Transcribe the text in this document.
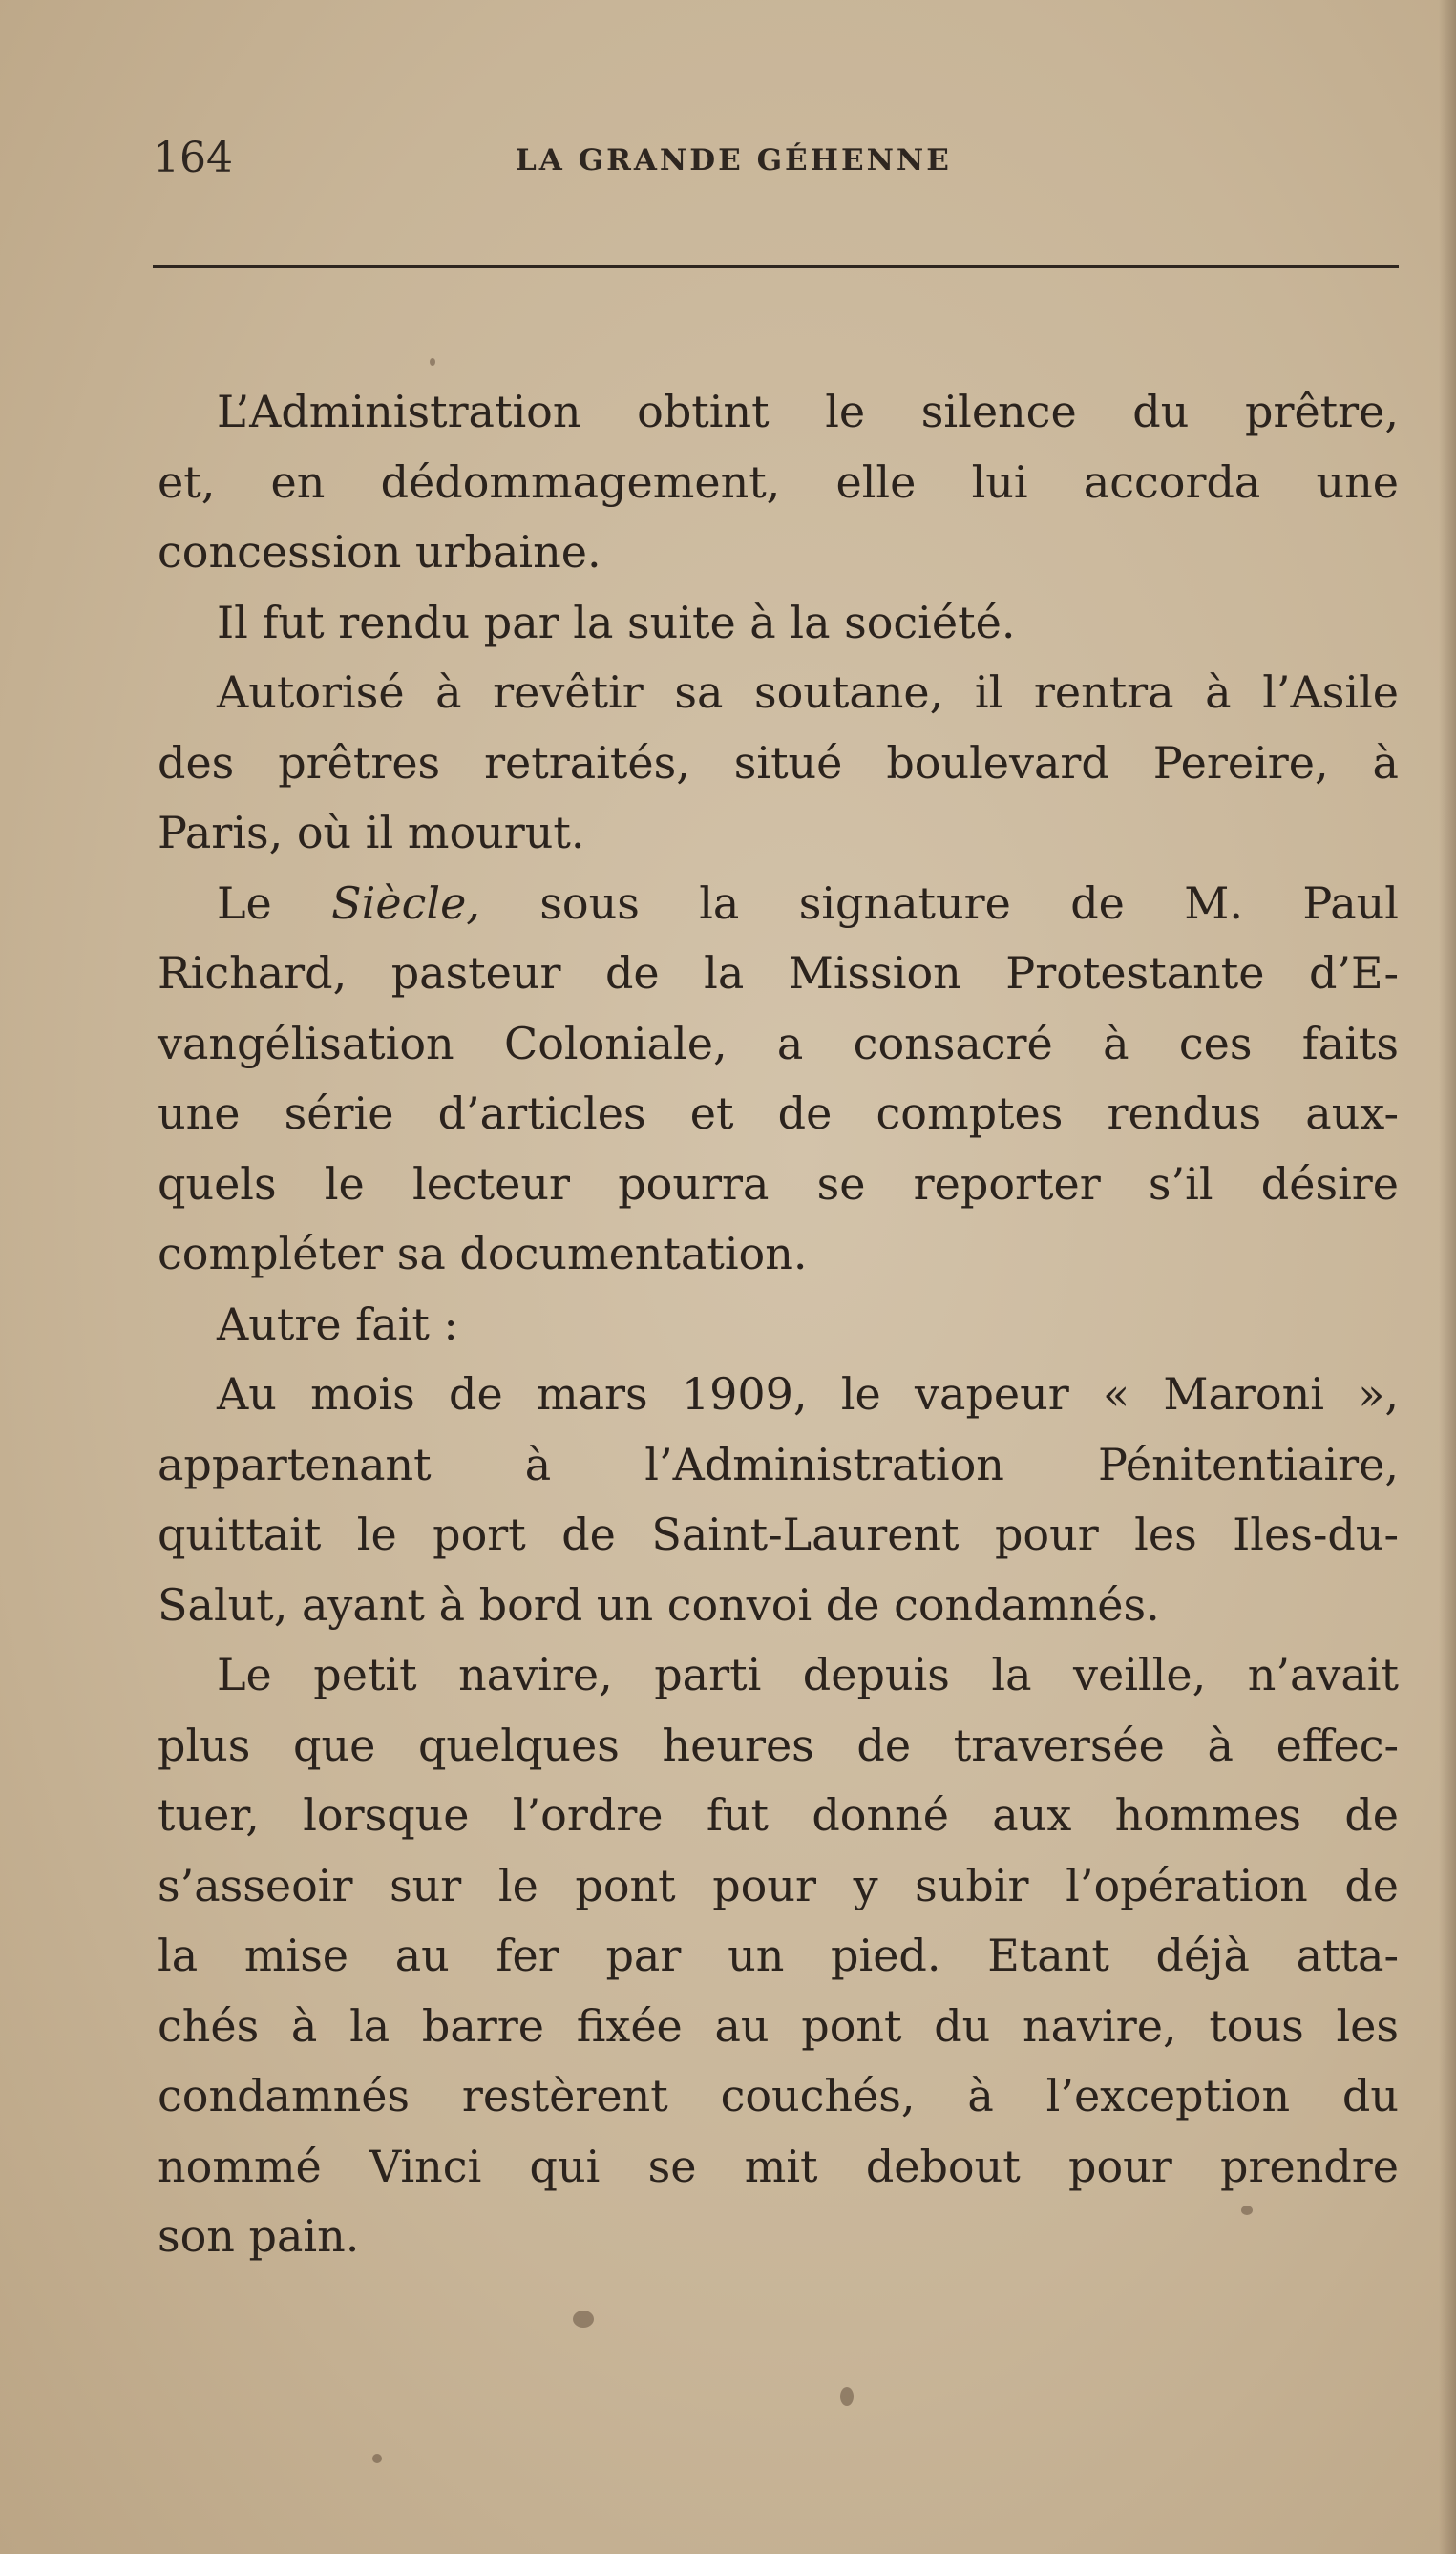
164	LA GRANDE GÉHENNE
L’Administration obtint le silence du prêtre,
et, en dédommagement, elle lui accorda une
concession urbaine.
Il fut rendu par la suite à la société.
Autorisé à revêtir sa soutane, il rentra à l’Asile
des prêtres retraités, situé boulevard Pereire, à
Paris, où il mourut.
Le Siècle, sous la signature de M. Paul
Richard, pasteur de la Mission Protestante d’E-
vangélisation Coloniale, a consacré à ces faits
une série d’articles et de comptes rendus aux-
quels le lecteur pourra se reporter s’il désire
compléter sa documentation.
Autre fait :
Au mois de mars 1909, le vapeur « Maroni »,
appartenant à l’Administration Pénitentiaire,
quittait le port de Saint-Laurent pour les Iles-du-
Salut, ayant à bord un convoi de condamnés.
Le petit navire, parti depuis la veille, n’avait
plus que quelques heures de traversée à effec-
tuer, lorsque l’ordre fut donné aux hommes de
s’asseoir sur le pont pour y subir l’opération de
la mise au fer par un pied. Etant déjà atta-
chés à la barre fixée au pont du navire, tous les
condamnés restèrent couchés, à l’exception du
nommé Vinci qui se mit debout pour prendre
son pain.
